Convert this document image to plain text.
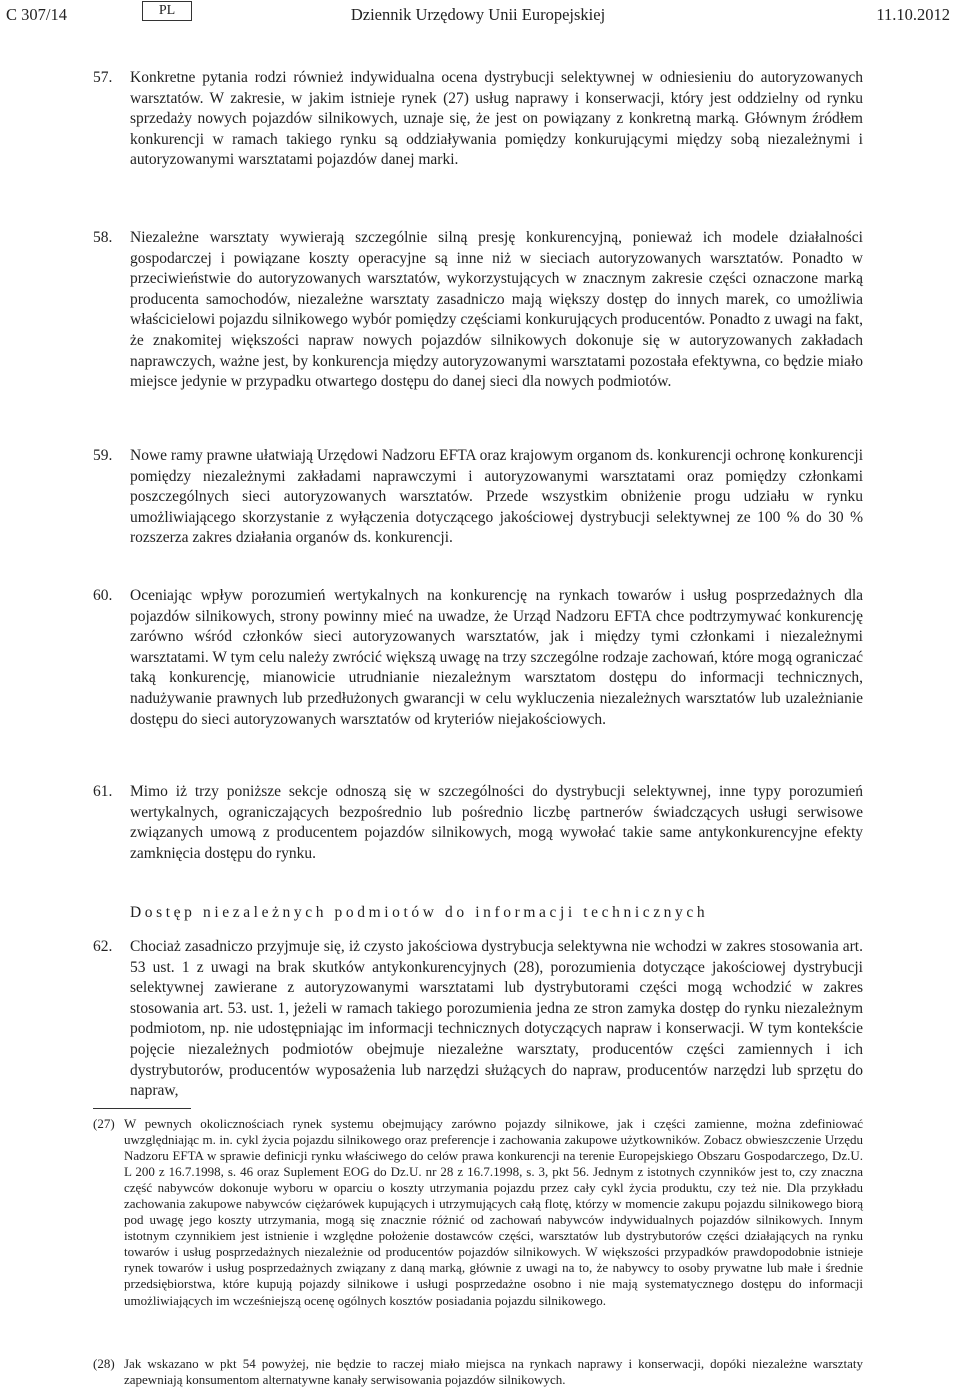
C 307/14	PL	Dziennik Urzędowy Unii Europejskiej	11.10.2012
57. Konkretne pytania rodzi również indywidualna ocena dystrybucji selektywnej w odniesieniu do autoryzowanych warsztatów. W zakresie, w jakim istnieje rynek (27) usług naprawy i konserwacji, który jest oddzielny od rynku sprzedaży nowych pojazdów silnikowych, uznaje się, że jest on powiązany z konkretną marką. Głównym źródłem konkurencji w ramach takiego rynku są oddziaływania pomiędzy konkurującymi między sobą niezależnymi i autoryzowanymi warsztatami pojazdów danej marki.

58. Niezależne warsztaty wywierają szczególnie silną presję konkurencyjną, ponieważ ich modele działalności gospodarczej i powiązane koszty operacyjne są inne niż w sieciach autoryzowanych warsztatów. Ponadto w przeciwieństwie do autoryzowanych warsztatów, wykorzystujących w znacznym zakresie części oznaczone marką producenta samochodów, niezależne warsztaty zasadniczo mają większy dostęp do innych marek, co umożliwia właścicielowi pojazdu silnikowego wybór pomiędzy częściami konkurujących producentów. Ponadto z uwagi na fakt, że znakomitej większości napraw nowych pojazdów silnikowych dokonuje się w autoryzowanych zakładach naprawczych, ważne jest, by konkurencja między autoryzowanymi warsztatami pozostała efektywna, co będzie miało miejsce jedynie w przypadku otwartego dostępu do danej sieci dla nowych podmiotów.

59. Nowe ramy prawne ułatwiają Urzędowi Nadzoru EFTA oraz krajowym organom ds. konkurencji ochronę konkurencji pomiędzy niezależnymi zakładami naprawczymi i autoryzowanymi warsztatami oraz pomiędzy członkami poszczególnych sieci autoryzowanych warsztatów. Przede wszystkim obniżenie progu udziału w rynku umożliwiającego skorzystanie z wyłączenia dotyczącego jakościowej dystrybucji selektywnej ze 100 % do 30 % rozszerza zakres działania organów ds. konkurencji.

60. Oceniając wpływ porozumień wertykalnych na konkurencję na rynkach towarów i usług posprzedażnych dla pojazdów silnikowych, strony powinny mieć na uwadze, że Urząd Nadzoru EFTA chce podtrzymywać konkurencję zarówno wśród członków sieci autoryzowanych warsztatów, jak i między tymi członkami i niezależnymi warsztatami. W tym celu należy zwrócić większą uwagę na trzy szczególne rodzaje zachowań, które mogą ograniczać taką konkurencję, mianowicie utrudnianie niezależnym warsztatom dostępu do informacji technicznych, nadużywanie prawnych lub przedłużonych gwarancji w celu wykluczenia niezależnych warsztatów lub uzależnianie dostępu do sieci autoryzowanych warsztatów od kryteriów niejakościowych.

61. Mimo iż trzy poniższe sekcje odnoszą się w szczególności do dystrybucji selektywnej, inne typy porozumień wertykalnych, ograniczających bezpośrednio lub pośrednio liczbę partnerów świadczących usługi serwisowe związanych umową z producentem pojazdów silnikowych, mogą wywołać takie same antykonkurencyjne efekty zamknięcia dostępu do rynku.

Dostęp niezależnych podmiotów do informacji technicznych
62. Chociaż zasadniczo przyjmuje się, iż czysto jakościowa dystrybucja selektywna nie wchodzi w zakres stosowania art. 53 ust. 1 z uwagi na brak skutków antykonkurencyjnych (28), porozumienia dotyczące jakościowej dystrybucji selektywnej zawierane z autoryzowanymi warsztatami lub dystrybutorami części mogą wchodzić w zakres stosowania art. 53. ust. 1, jeżeli w ramach takiego porozumienia jedna ze stron zamyka dostęp do rynku niezależnym podmiotom, np. nie udostępniając im informacji technicznych dotyczących napraw i konserwacji. W tym kontekście pojęcie niezależnych podmiotów obejmuje niezależne warsztaty, producentów części zamiennych i ich dystrybutorów, producentów wyposażenia lub narzędzi służących do napraw, producentów narzędzi lub sprzętu do napraw,

(27) W pewnych okolicznościach rynek systemu obejmujący zarówno pojazdy silnikowe, jak i części zamienne, można zdefiniować uwzględniając m. in. cykl życia pojazdu silnikowego oraz preferencje i zachowania zakupowe użytkowników. Zobacz obwieszczenie Urzędu Nadzoru EFTA w sprawie definicji rynku właściwego do celów prawa konkurencji na terenie Europejskiego Obszaru Gospodarczego, Dz.U. L 200 z 16.7.1998, s. 46 oraz Suplement EOG do Dz.U. nr 28 z 16.7.1998, s. 3, pkt 56. Jednym z istotnych czynników jest to, czy znaczna część nabywców dokonuje wyboru w oparciu o koszty utrzymania pojazdu przez cały cykl życia produktu, czy też nie. Dla przykładu zachowania zakupowe nabywców ciężarówek kupujących i utrzymujących całą flotę, którzy w momencie zakupu pojazdu silnikowego biorą pod uwagę jego koszty utrzymania, mogą się znacznie różnić od zachowań nabywców indywidualnych pojazdów silnikowych. Innym istotnym czynnikiem jest istnienie i względne położenie dostawców części, warsztatów lub dystrybutorów części działających na rynku towarów i usług posprzedażnych niezależnie od producentów pojazdów silnikowych. W większości przypadków prawdopodobnie istnieje rynek towarów i usług posprzedażnych związany z daną marką, głównie z uwagi na to, że nabywcy to osoby prywatne lub małe i średnie przedsiębiorstwa, które kupują pojazdy silnikowe i usługi posprzedażne osobno i nie mają systematycznego dostępu do informacji umożliwiających im wcześniejszą ocenę ogólnych kosztów posiadania pojazdu silnikowego.
(28) Jak wskazano w pkt 54 powyżej, nie będzie to raczej miało miejsca na rynkach naprawy i konserwacji, dopóki niezależne warsztaty zapewniają konsumentom alternatywne kanały serwisowania pojazdów silnikowych.
